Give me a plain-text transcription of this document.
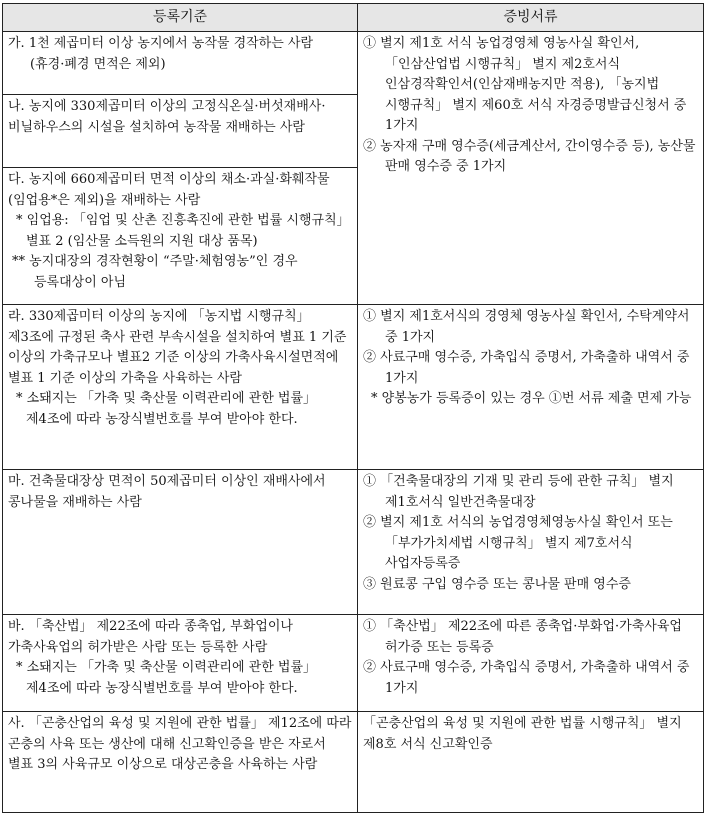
등록기준	증빙서류

가. 1천 제곱미터 이상 농지에서 농작물 경작하는 사람
(휴경·폐경 면적은 제외)	① 별지 제1호 서식 농업경영체 영농사실 확인서, 「인삼산업법 시행규칙」 별지 제2호서식 인삼경작확인서(인삼재배농지만 적용), 「농지법 시행규칙」 별지 제60호 서식 자경증명발급신청서 중 1가지
② 농자재 구매 영수증(세금계산서, 간이영수증 등), 농산물 판매 영수증 중 1가지

나. 농지에 330제곱미터 이상의 고정식온실·버섯재배사·비닐하우스의 시설을 설치하여 농작물 재배하는 사람	

다. 농지에 660제곱미터 면적 이상의 채소·과실·화훼작물(임업용*은 제외)을 재배하는 사람
* 임업용: 「임업 및 산촌 진흥촉진에 관한 법률 시행규칙」 별표 2 (임산물 소득원의 지원 대상 품목)
** 농지대장의 경작현황이 “주말·체험영농”인 경우 등록대상이 아님	

라. 330제곱미터 이상의 농지에 「농지법 시행규칙」 제3조에 규정된 축사 관련 부속시설을 설치하여 별표 1 기준 이상의 가축규모나 별표2 기준 이상의 가축사육시설면적에 별표 1 기준 이상의 가축을 사육하는 사람
* 소돼지는 「가축 및 축산물 이력관리에 관한 법률」 제4조에 따라 농장식별번호를 부여 받아야 한다.	① 별지 제1호서식의 경영체 영농사실 확인서, 수탁계약서 중 1가지
② 사료구매 영수증, 가축입식 증명서, 가축출하 내역서 중 1가지
* 양봉농가 등록증이 있는 경우 ①번 서류 제출 면제 가능

마. 건축물대장상 면적이 50제곱미터 이상인 재배사에서 콩나물을 재배하는 사람	① 「건축물대장의 기재 및 관리 등에 관한 규칙」 별지 제1호서식 일반건축물대장
② 별지 제1호 서식의 농업경영체영농사실 확인서 또는 「부가가치세법 시행규칙」 별지 제7호서식 사업자등록증
③ 원료콩 구입 영수증 또는 콩나물 판매 영수증

바. 「축산법」 제22조에 따라 종축업, 부화업이나 가축사육업의 허가받은 사람 또는 등록한 사람
* 소돼지는 「가축 및 축산물 이력관리에 관한 법률」 제4조에 따라 농장식별번호를 부여 받아야 한다.	① 「축산법」 제22조에 따른 종축업·부화업·가축사육업 허가증 또는 등록증
② 사료구매 영수증, 가축입식 증명서, 가축출하 내역서 중 1가지

사. 「곤충산업의 육성 및 지원에 관한 법률」 제12조에 따라 곤충의 사육 또는 생산에 대해 신고확인증을 받은 자로서 별표 3의 사육규모 이상으로 대상곤충을 사육하는 사람	「곤충산업의 육성 및 지원에 관한 법률 시행규칙」 별지 제8호 서식 신고확인증
